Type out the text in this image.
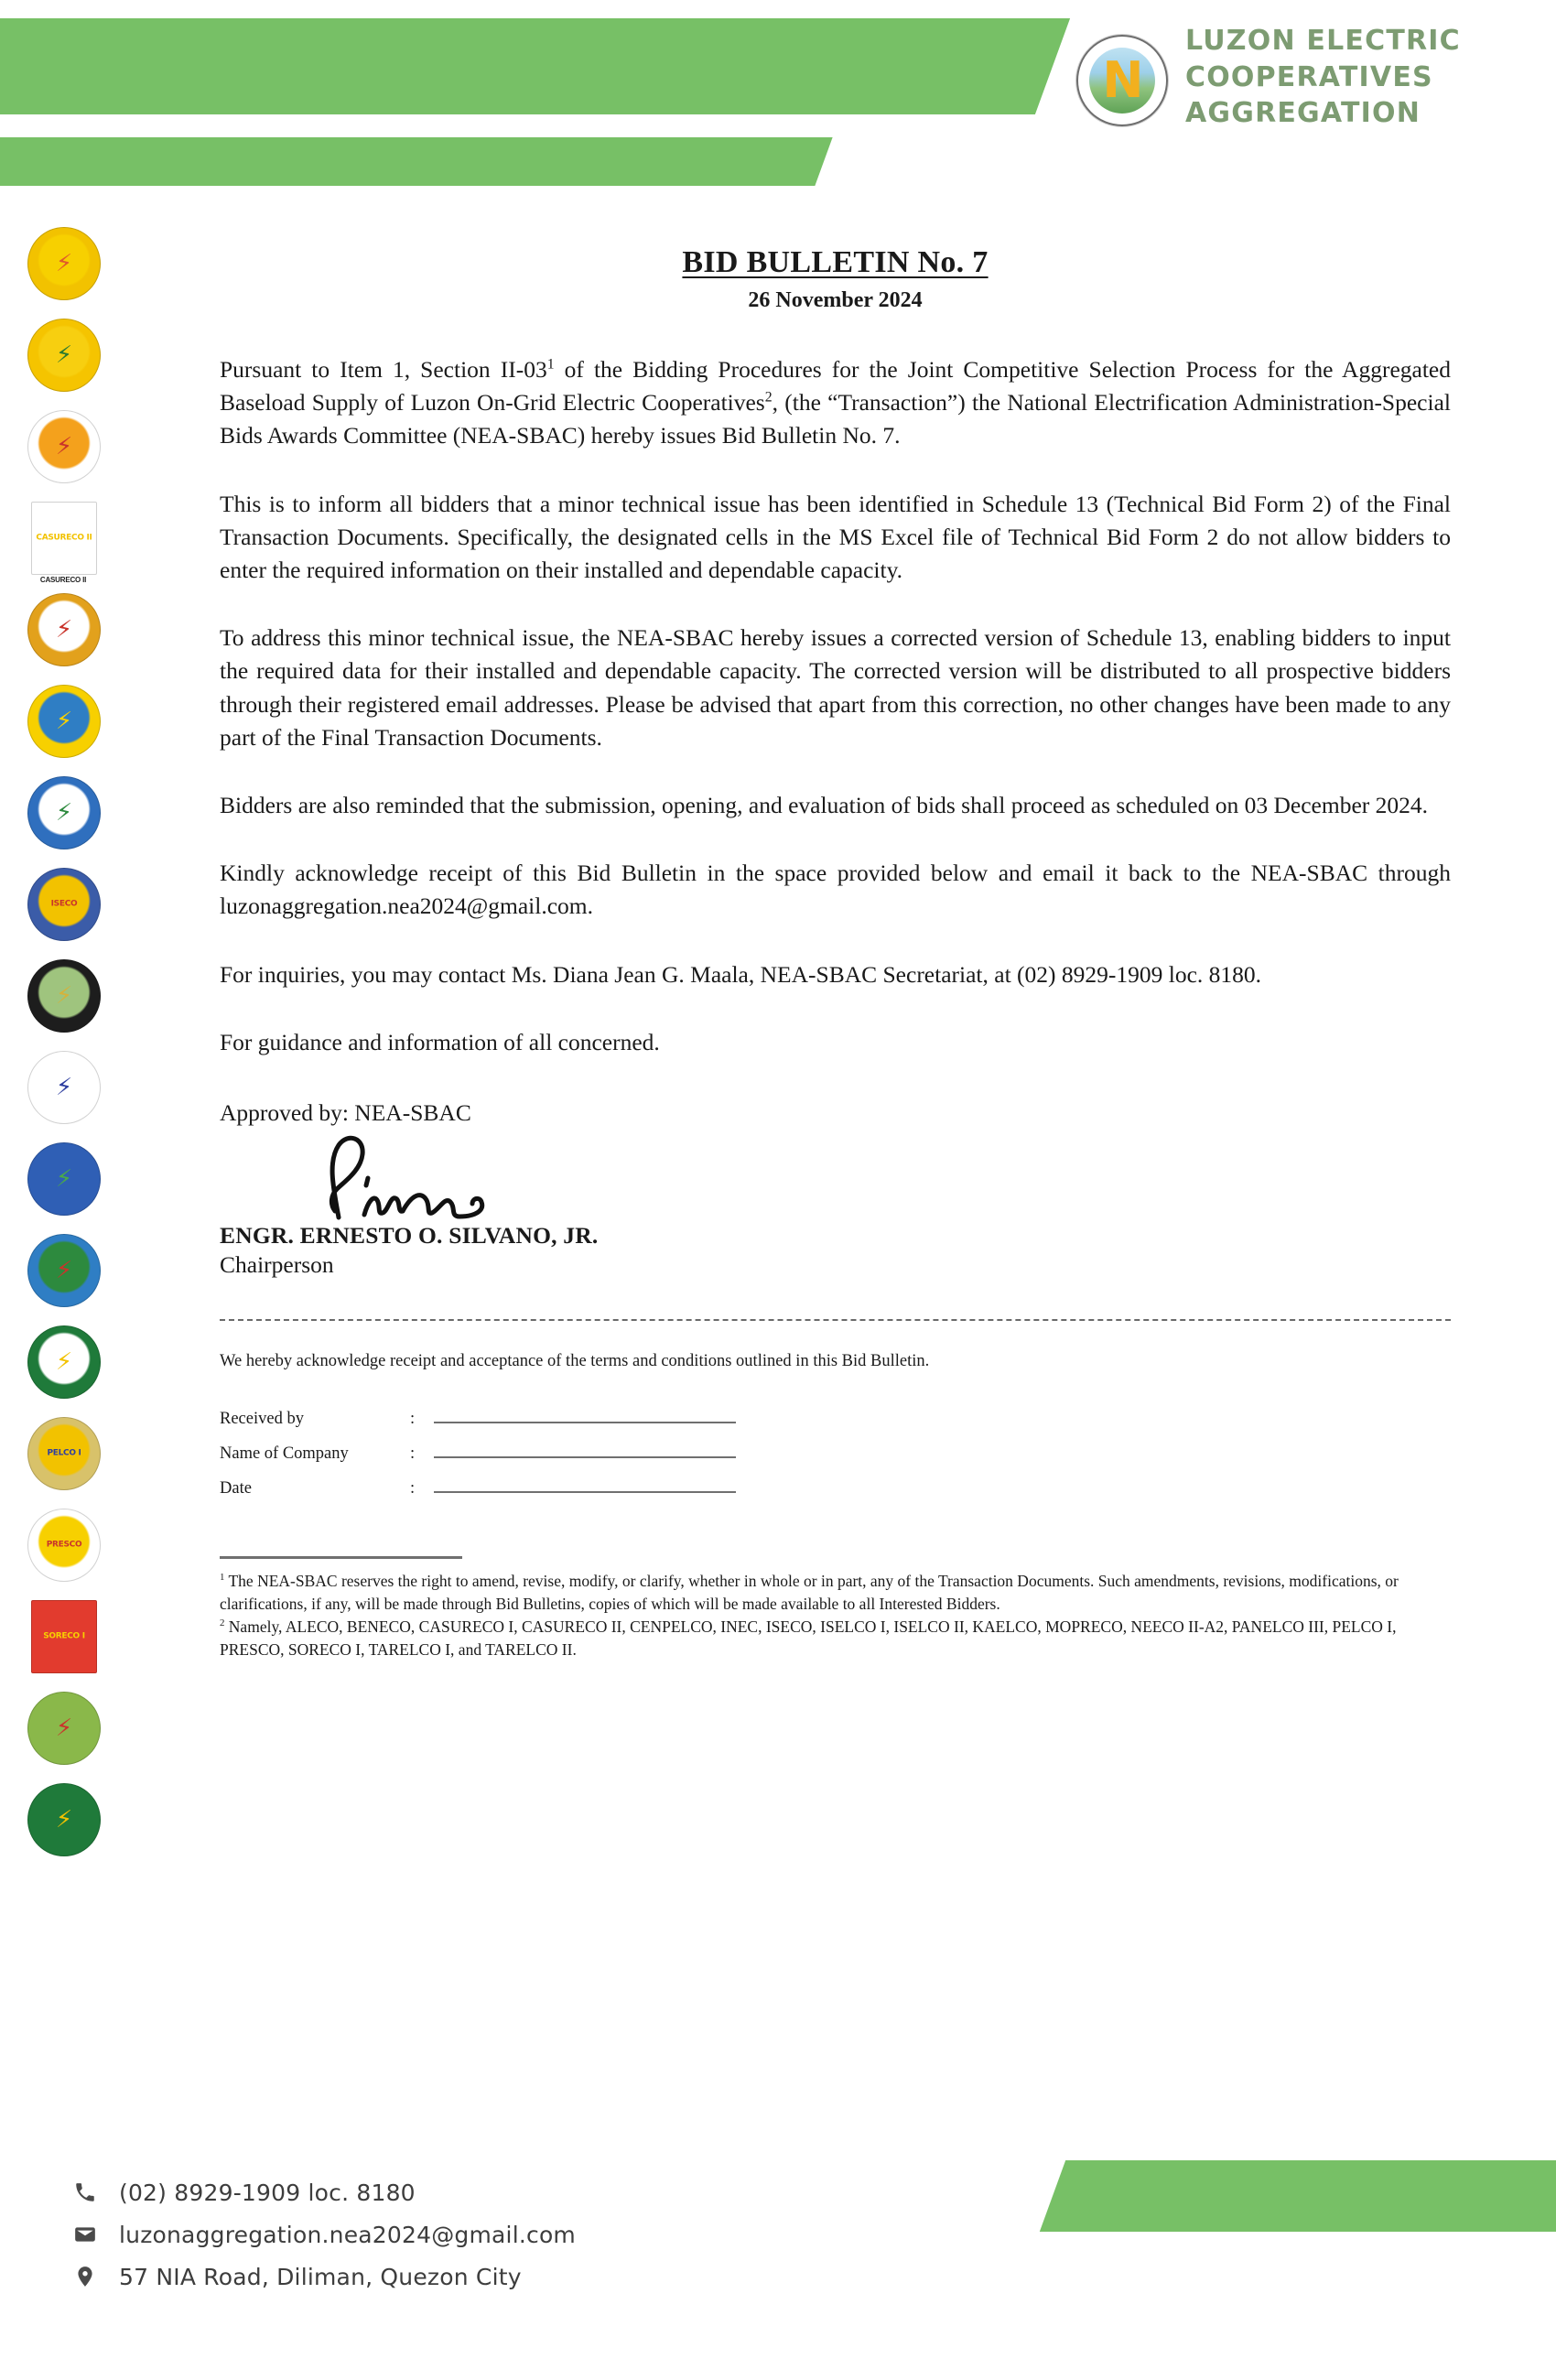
N
LUZON ELECTRIC
COOPERATIVES
AGGREGATION
⚡
⚡
⚡
CASURECO II
CASURECO II
⚡
⚡
⚡
ISECO
⚡
⚡
⚡
⚡
⚡
PELCO I
PRESCO
SORECO I
⚡
⚡
BID BULLETIN No. 7
26 November 2024

Pursuant to Item 1, Section $II-03^1$ of the Bidding Procedures for the Joint Competitive Selection Process for the Aggregated Baseload Supply of Luzon On-Grid Electric Cooperatives$^2$, (the “Transaction”) the National Electrification Administration-Special Bids Awards Committee (NEA-SBAC) hereby issues Bid Bulletin No. 7.

This is to inform all bidders that a minor technical issue has been identified in Schedule 13 (Technical Bid Form 2) of the Final Transaction Documents. Specifically, the designated cells in the MS Excel file of Technical Bid Form 2 do not allow bidders to enter the required information on their installed and dependable capacity.

To address this minor technical issue, the NEA-SBAC hereby issues a corrected version of Schedule 13, enabling bidders to input the required data for their installed and dependable capacity. The corrected version will be distributed to all prospective bidders through their registered email addresses. Please be advised that apart from this correction, no other changes have been made to any part of the Final Transaction Documents.

Bidders are also reminded that the submission, opening, and evaluation of bids shall proceed as scheduled on 03 December 2024.

Kindly acknowledge receipt of this Bid Bulletin in the space provided below and email it back to the NEA-SBAC through luzonaggregation.nea2024@gmail.com.

For inquiries, you may contact Ms. Diana Jean G. Maala, NEA-SBAC Secretariat, at (02) 8929-1909 loc. 8180.

For guidance and information of all concerned.

Approved by: NEA-SBAC

ENGR. ERNESTO O. SILVANO, JR.

Chairperson

We hereby acknowledge receipt and acceptance of the terms and conditions outlined in this Bid Bulletin.

Received by	:	
Name of Company	:	
Date	:	

$^1$ The NEA-SBAC reserves the right to amend, revise, modify, or clarify, whether in whole or in part, any of the Transaction Documents. Such amendments, revisions, modifications, or clarifications, if any, will be made through Bid Bulletins, copies of which will be made available to all Interested Bidders.

$^2$ Namely, ALECO, BENECO, CASURECO I, CASURECO II, CENPELCO, INEC, ISECO, ISELCO I, ISELCO II, KAELCO, MOPRECO, NEECO II-A2, PANELCO III, PELCO I, PRESCO, SORECO I, TARELCO I, and TARELCO II.

(02) 8929-1909 loc. 8180
luzonaggregation.nea2024@gmail.com
57 NIA Road, Diliman, Quezon City
